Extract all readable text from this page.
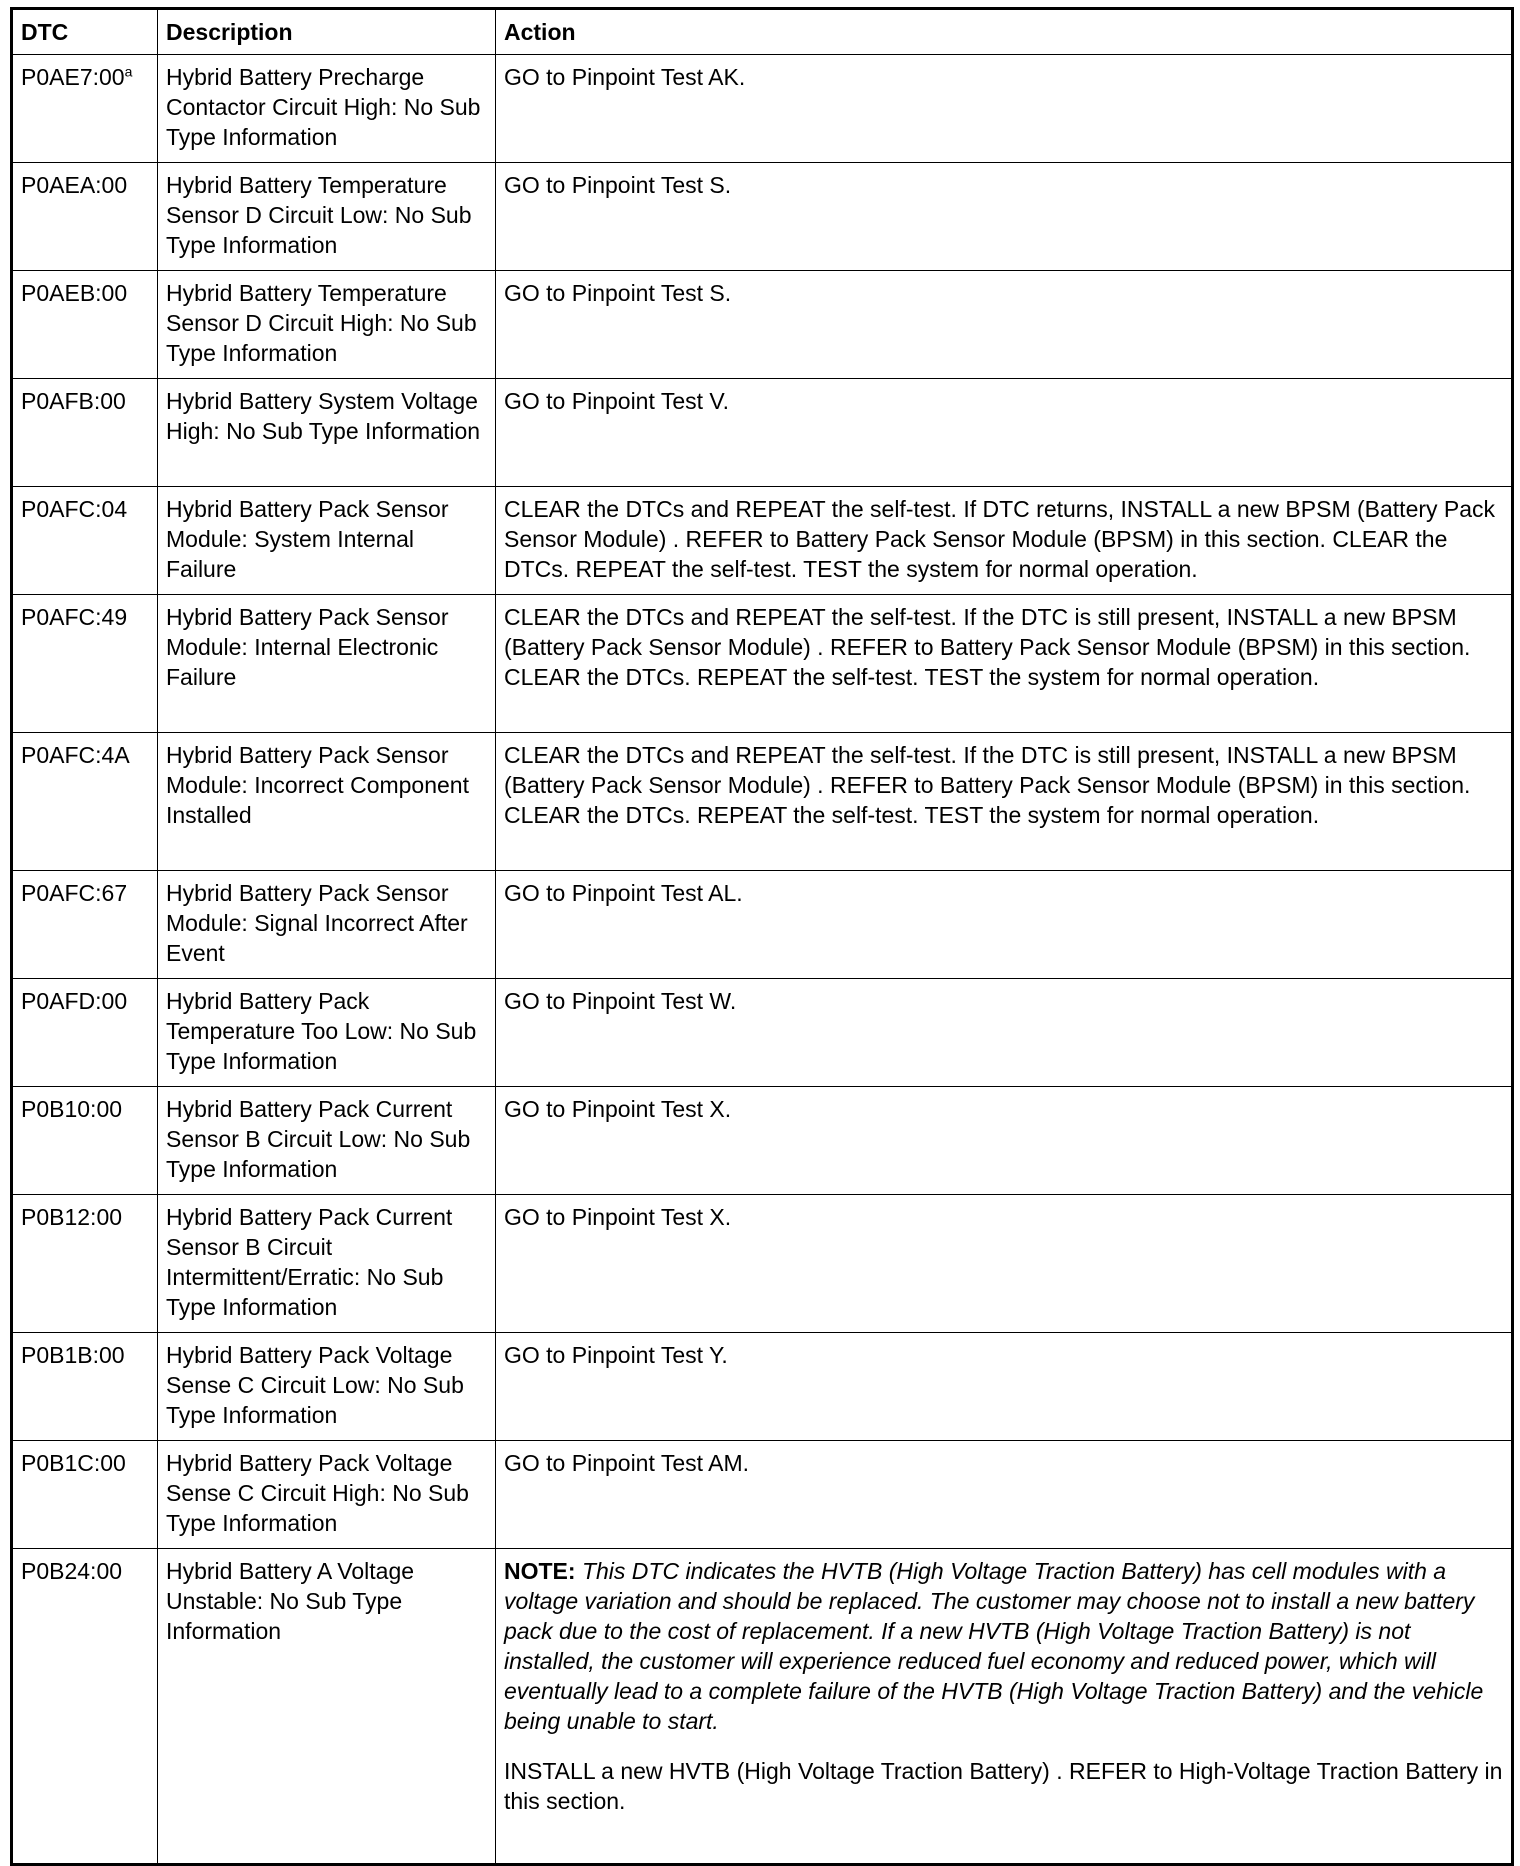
DTC	Description	Action
P0AE7:00$^a$	Hybrid Battery Precharge Contactor Circuit High: No Sub Type Information	GO to Pinpoint Test AK.
P0AEA:00	Hybrid Battery Temperature Sensor D Circuit Low: No Sub Type Information	GO to Pinpoint Test S.
P0AEB:00	Hybrid Battery Temperature Sensor D Circuit High: No Sub Type Information	GO to Pinpoint Test S.
P0AFB:00	Hybrid Battery System Voltage High: No Sub Type Information	GO to Pinpoint Test V.
P0AFC:04	Hybrid Battery Pack Sensor Module: System Internal Failure	CLEAR the DTCs and REPEAT the self-test. If DTC returns, INSTALL a new BPSM (Battery Pack Sensor Module) . REFER to Battery Pack Sensor Module (BPSM) in this section. CLEAR the DTCs. REPEAT the self-test. TEST the system for normal operation.
P0AFC:49	Hybrid Battery Pack Sensor Module: Internal Electronic Failure	CLEAR the DTCs and REPEAT the self-test. If the DTC is still present, INSTALL a new BPSM (Battery Pack Sensor Module) . REFER to Battery Pack Sensor Module (BPSM) in this section. CLEAR the DTCs. REPEAT the self-test. TEST the system for normal operation.
P0AFC:4A	Hybrid Battery Pack Sensor Module: Incorrect Component Installed	CLEAR the DTCs and REPEAT the self-test. If the DTC is still present, INSTALL a new BPSM (Battery Pack Sensor Module) . REFER to Battery Pack Sensor Module (BPSM) in this section. CLEAR the DTCs. REPEAT the self-test. TEST the system for normal operation.
P0AFC:67	Hybrid Battery Pack Sensor Module: Signal Incorrect After Event	GO to Pinpoint Test AL.
P0AFD:00	Hybrid Battery Pack Temperature Too Low: No Sub Type Information	GO to Pinpoint Test W.
P0B10:00	Hybrid Battery Pack Current Sensor B Circuit Low: No Sub Type Information	GO to Pinpoint Test X.
P0B12:00	Hybrid Battery Pack Current Sensor B Circuit Intermittent/Erratic: No Sub Type Information	GO to Pinpoint Test X.
P0B1B:00	Hybrid Battery Pack Voltage Sense C Circuit Low: No Sub Type Information	GO to Pinpoint Test Y.
P0B1C:00	Hybrid Battery Pack Voltage Sense C Circuit High: No Sub Type Information	GO to Pinpoint Test AM.
P0B24:00	Hybrid Battery A Voltage Unstable: No Sub Type Information	NOTE: This DTC indicates the HVTB (High Voltage Traction Battery) has cell modules with a voltage variation and should be replaced. The customer may choose not to install a new battery pack due to the cost of replacement. If a new HVTB (High Voltage Traction Battery) is not installed, the customer will experience reduced fuel economy and reduced power, which will eventually lead to a complete failure of the HVTB (High Voltage Traction Battery) and the vehicle being unable to start.

INSTALL a new HVTB (High Voltage Traction Battery) . REFER to High-Voltage Traction Battery in this section.
